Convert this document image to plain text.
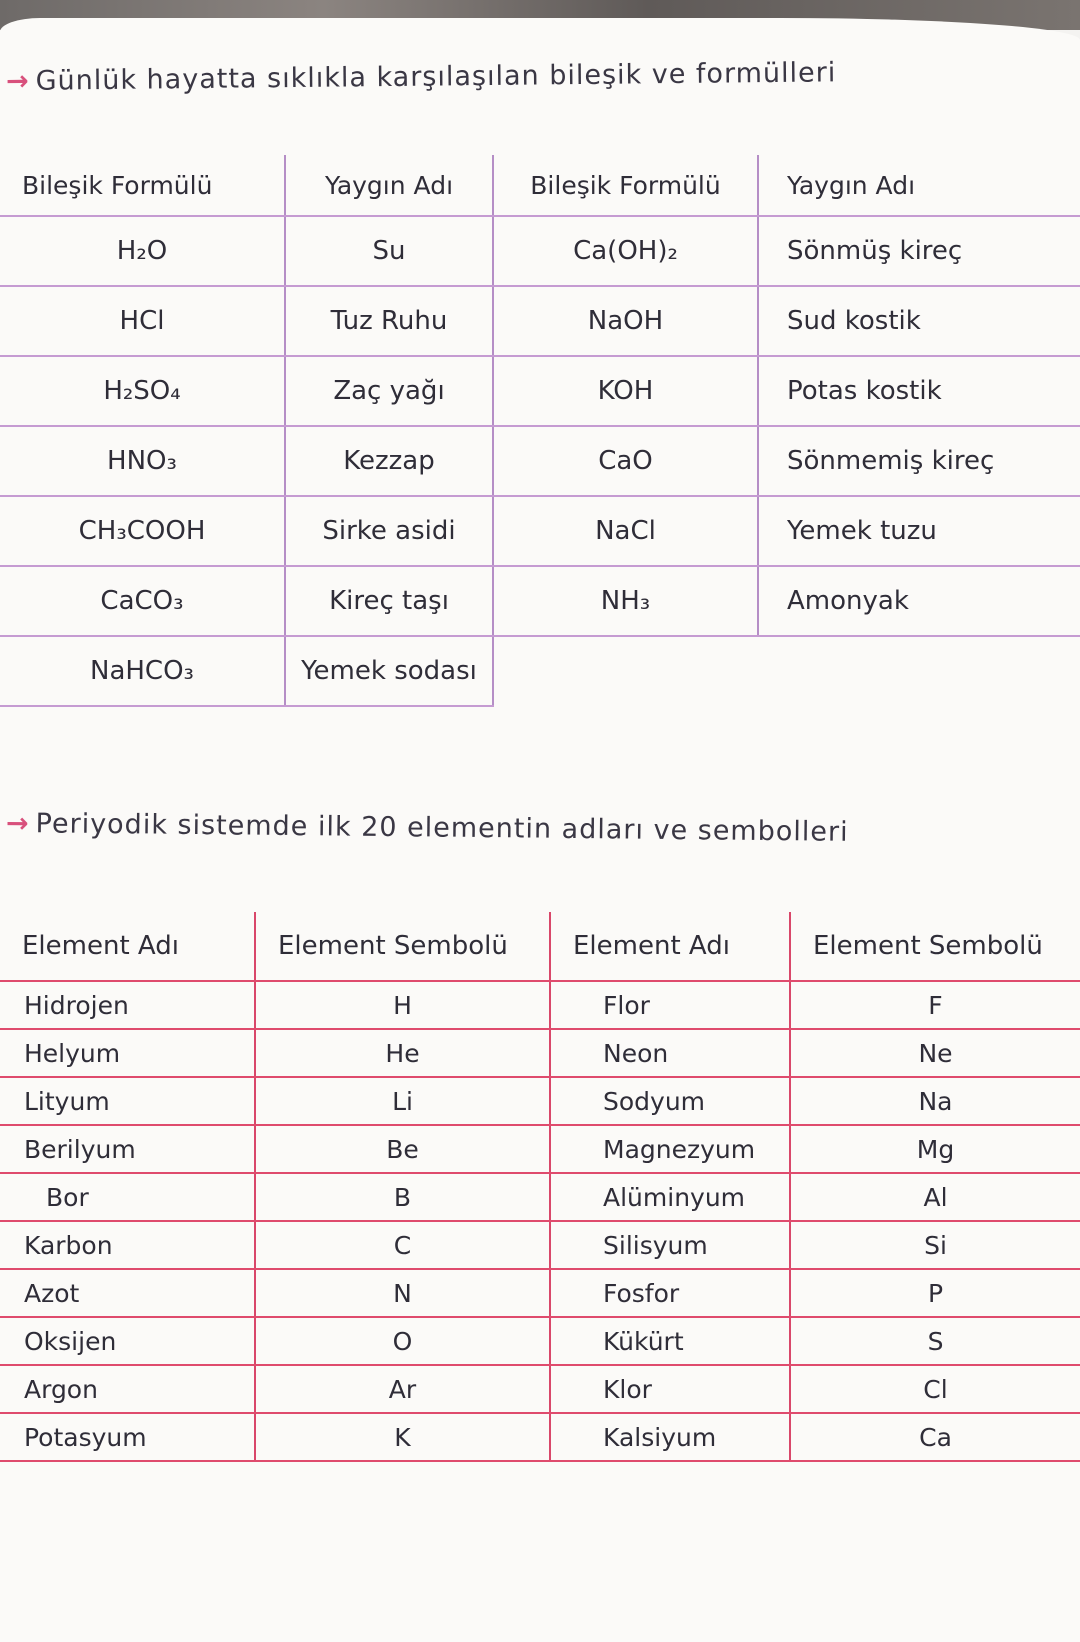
→ Günlük hayatta sıklıkla karşılaşılan bileşik ve formülleri
Bileşik Formülü	Yaygın Adı	Bileşik Formülü	Yaygın Adı
H₂O	Su	Ca(OH)₂	Sönmüş kireç
HCl	Tuz Ruhu	NaOH	Sud kostik
H₂SO₄	Zaç yağı	KOH	Potas kostik
HNO₃	Kezzap	CaO	Sönmemiş kireç
CH₃COOH	Sirke asidi	NaCl	Yemek tuzu
CaCO₃	Kireç taşı	NH₃	Amonyak
NaHCO₃	Yemek sodası		
→ Periyodik sistemde ilk 20 elementin adları ve sembolleri
Element Adı	Element Sembolü	Element Adı	Element Sembolü
Hidrojen	H	Flor	F
Helyum	He	Neon	Ne
Lityum	Li	Sodyum	Na
Berilyum	Be	Magnezyum	Mg
Bor	B	Alüminyum	Al
Karbon	C	Silisyum	Si
Azot	N	Fosfor	P
Oksijen	O	Kükürt	S
Argon	Ar	Klor	Cl
Potasyum	K	Kalsiyum	Ca
